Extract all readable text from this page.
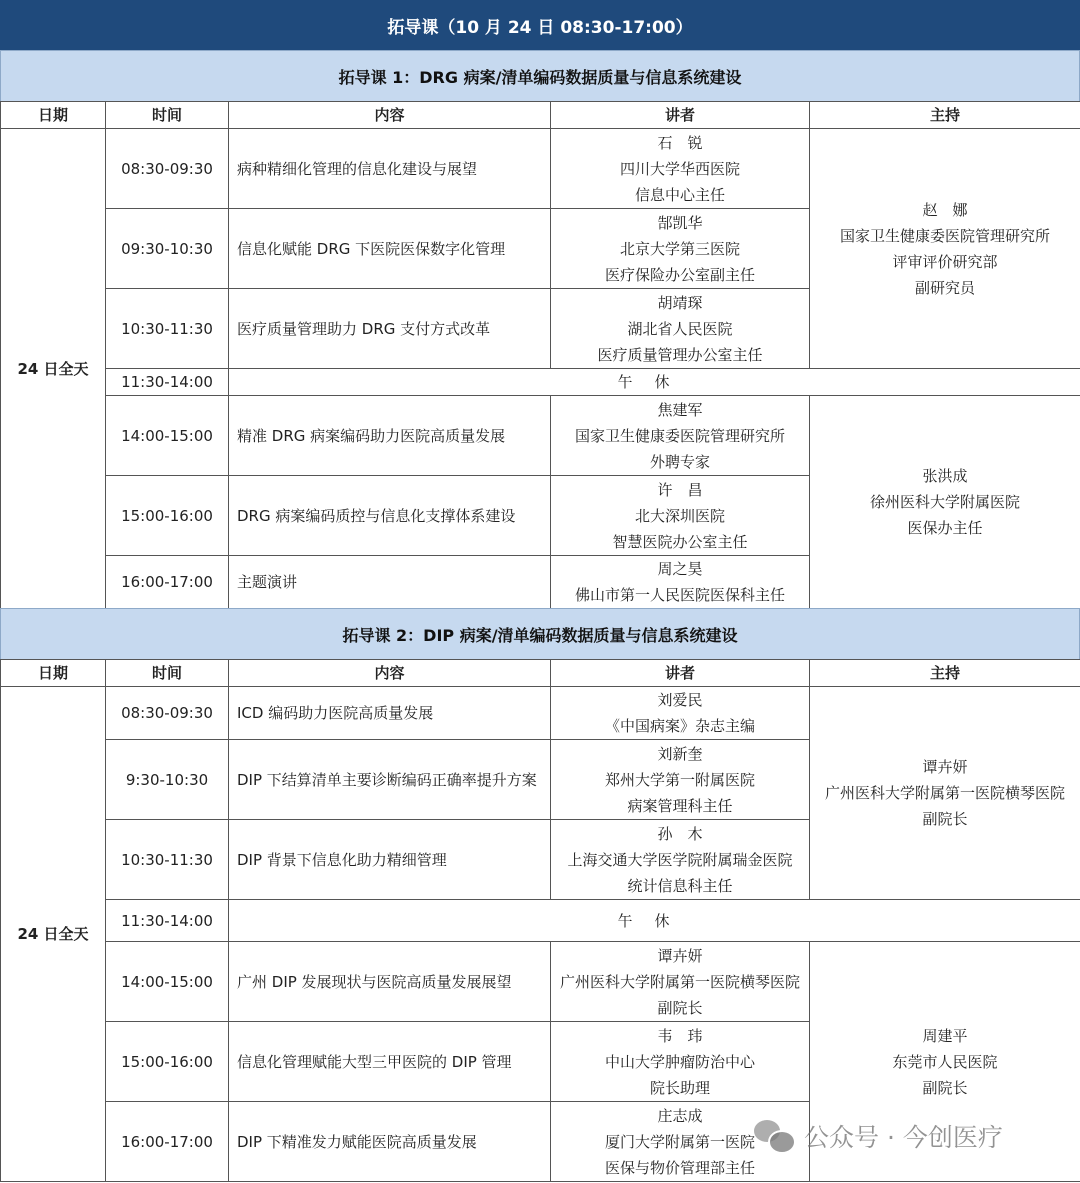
拓导课（10 月 24 日 08:30-17:00）
拓导课 1：DRG 病案/清单编码数据质量与信息系统建设
日期	时间	内容	讲者	主持
24 日全天	08:30-09:30	病种精细化管理的信息化建设与展望	石　锐
四川大学华西医院
信息中心主任	赵　娜
国家卫生健康委医院管理研究所
评审评价研究部
副研究员

	09:30-10:30	信息化赋能 DRG 下医院医保数字化管理	郜凯华
北京大学第三医院
医疗保险办公室副主任	

	10:30-11:30	医疗质量管理助力 DRG 支付方式改革	胡靖琛
湖北省人民医院
医疗质量管理办公室主任	

	11:30-14:00	午休		
	14:00-15:00	精准 DRG 病案编码助力医院高质量发展	焦建军
国家卫生健康委医院管理研究所
外聘专家	张洪成
徐州医科大学附属医院
医保办主任

	15:00-16:00	DRG 病案编码质控与信息化支撑体系建设	许　昌
北大深圳医院
智慧医院办公室主任	

	16:00-17:00	主题演讲	周之昊
佛山市第一人民医院医保科主任	
拓导课 2：DIP 病案/清单编码数据质量与信息系统建设
日期	时间	内容	讲者	主持
24 日全天	08:30-09:30	ICD 编码助力医院高质量发展	刘爱民
《中国病案》杂志主编	谭卉妍
广州医科大学附属第一医院横琴医院
副院长

	9:30-10:30	DIP 下结算清单主要诊断编码正确率提升方案	刘新奎
郑州大学第一附属医院
病案管理科主任	

	10:30-11:30	DIP 背景下信息化助力精细管理	孙　木
上海交通大学医学院附属瑞金医院
统计信息科主任	

	11:30-14:00	午休		
	14:00-15:00	广州 DIP 发展现状与医院高质量发展展望	谭卉妍
广州医科大学附属第一医院横琴医院
副院长	周建平
东莞市人民医院
副院长

	15:00-16:00	信息化管理赋能大型三甲医院的 DIP 管理	韦　玮
中山大学肿瘤防治中心
院长助理	

	16:00-17:00	DIP 下精准发力赋能医院高质量发展	庄志成
厦门大学附属第一医院
医保与物价管理部主任	
公众号 · 今创医疗
